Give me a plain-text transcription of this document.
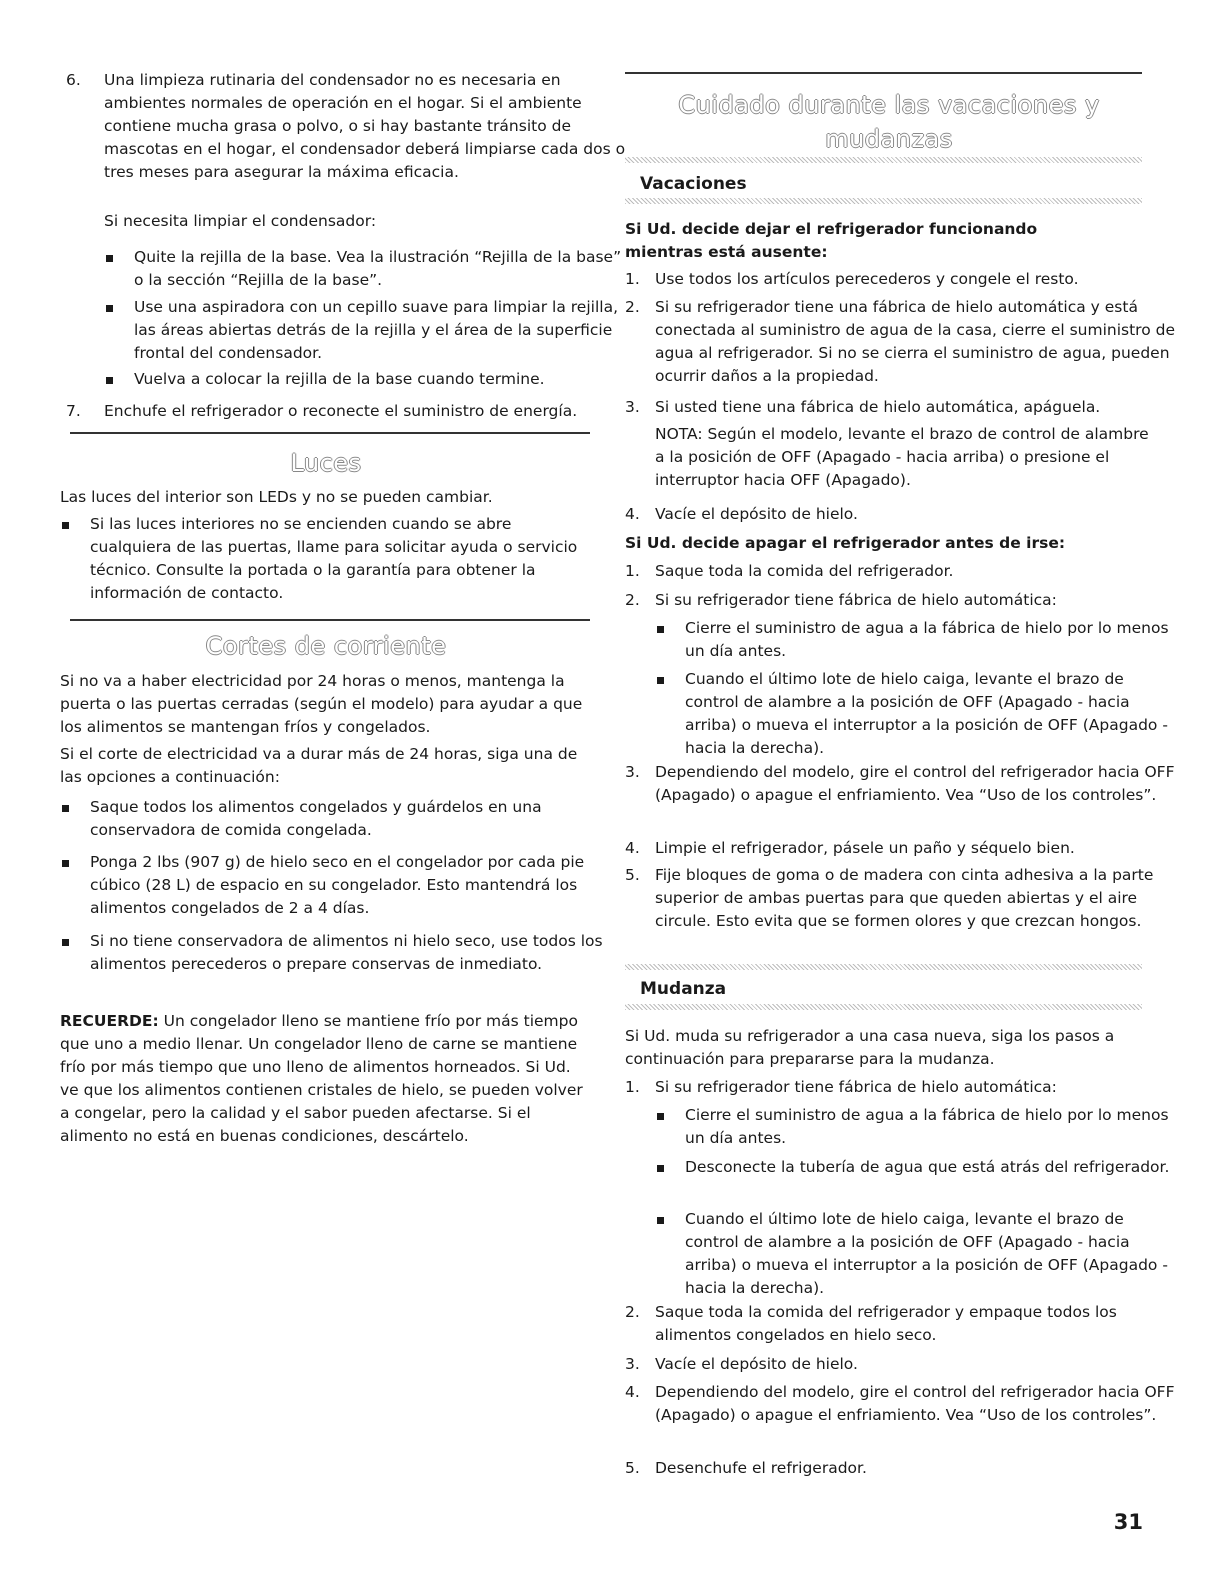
6. Una limpieza rutinaria del condensador no es necesaria en ambientes normales de operación en el hogar. Si el ambiente contiene mucha grasa o polvo, o si hay bastante tránsito de mascotas en el hogar, el condensador deberá limpiarse cada dos o tres meses para asegurar la máxima eficacia.
Si necesita limpiar el condensador:
Quite la rejilla de la base. Vea la ilustración “Rejilla de la base” o la sección “Rejilla de la base”.
Use una aspiradora con un cepillo suave para limpiar la rejilla, las áreas abiertas detrás de la rejilla y el área de la superficie frontal del condensador.
Vuelva a colocar la rejilla de la base cuando termine.
7. Enchufe el refrigerador o reconecte el suministro de energía.
Luces
Las luces del interior son LEDs y no se pueden cambiar.
Si las luces interiores no se encienden cuando se abre cualquiera de las puertas, llame para solicitar ayuda o servicio técnico. Consulte la portada o la garantía para obtener la información de contacto.
Cortes de corriente
Si no va a haber electricidad por 24 horas o menos, mantenga la puerta o las puertas cerradas (según el modelo) para ayudar a que los alimentos se mantengan fríos y congelados.
Si el corte de electricidad va a durar más de 24 horas, siga una de las opciones a continuación:
Saque todos los alimentos congelados y guárdelos en una conservadora de comida congelada.
Ponga 2 lbs (907 g) de hielo seco en el congelador por cada pie cúbico (28 L) de espacio en su congelador. Esto mantendrá los alimentos congelados de 2 a 4 días.
Si no tiene conservadora de alimentos ni hielo seco, use todos los alimentos perecederos o prepare conservas de inmediato.
RECUERDE: Un congelador lleno se mantiene frío por más tiempo que uno a medio llenar. Un congelador lleno de carne se mantiene frío por más tiempo que uno lleno de alimentos horneados. Si Ud. ve que los alimentos contienen cristales de hielo, se pueden volver a congelar, pero la calidad y el sabor pueden afectarse. Si el alimento no está en buenas condiciones, descártelo.
Cuidado durante las vacaciones y mudanzas
Vacaciones
Si Ud. decide dejar el refrigerador funcionando mientras está ausente:
1. Use todos los artículos perecederos y congele el resto.
2. Si su refrigerador tiene una fábrica de hielo automática y está conectada al suministro de agua de la casa, cierre el suministro de agua al refrigerador. Si no se cierra el suministro de agua, pueden ocurrir daños a la propiedad.
3. Si usted tiene una fábrica de hielo automática, apáguela.
NOTA: Según el modelo, levante el brazo de control de alambre a la posición de OFF (Apagado - hacia arriba) o presione el interruptor hacia OFF (Apagado).
4. Vacíe el depósito de hielo.
Si Ud. decide apagar el refrigerador antes de irse:
1. Saque toda la comida del refrigerador.
2. Si su refrigerador tiene fábrica de hielo automática:
Cierre el suministro de agua a la fábrica de hielo por lo menos un día antes.
Cuando el último lote de hielo caiga, levante el brazo de control de alambre a la posición de OFF (Apagado - hacia arriba) o mueva el interruptor a la posición de OFF (Apagado - hacia la derecha).
3. Dependiendo del modelo, gire el control del refrigerador hacia OFF (Apagado) o apague el enfriamiento. Vea “Uso de los controles”.
4. Limpie el refrigerador, pásele un paño y séquelo bien.
5. Fije bloques de goma o de madera con cinta adhesiva a la parte superior de ambas puertas para que queden abiertas y el aire circule. Esto evita que se formen olores y que crezcan hongos.
Mudanza
Si Ud. muda su refrigerador a una casa nueva, siga los pasos a continuación para prepararse para la mudanza.
1. Si su refrigerador tiene fábrica de hielo automática:
Cierre el suministro de agua a la fábrica de hielo por lo menos un día antes.
Desconecte la tubería de agua que está atrás del refrigerador.
Cuando el último lote de hielo caiga, levante el brazo de control de alambre a la posición de OFF (Apagado - hacia arriba) o mueva el interruptor a la posición de OFF (Apagado - hacia la derecha).
2. Saque toda la comida del refrigerador y empaque todos los alimentos congelados en hielo seco.
3. Vacíe el depósito de hielo.
4. Dependiendo del modelo, gire el control del refrigerador hacia OFF (Apagado) o apague el enfriamiento. Vea “Uso de los controles”.
5. Desenchufe el refrigerador.
31
